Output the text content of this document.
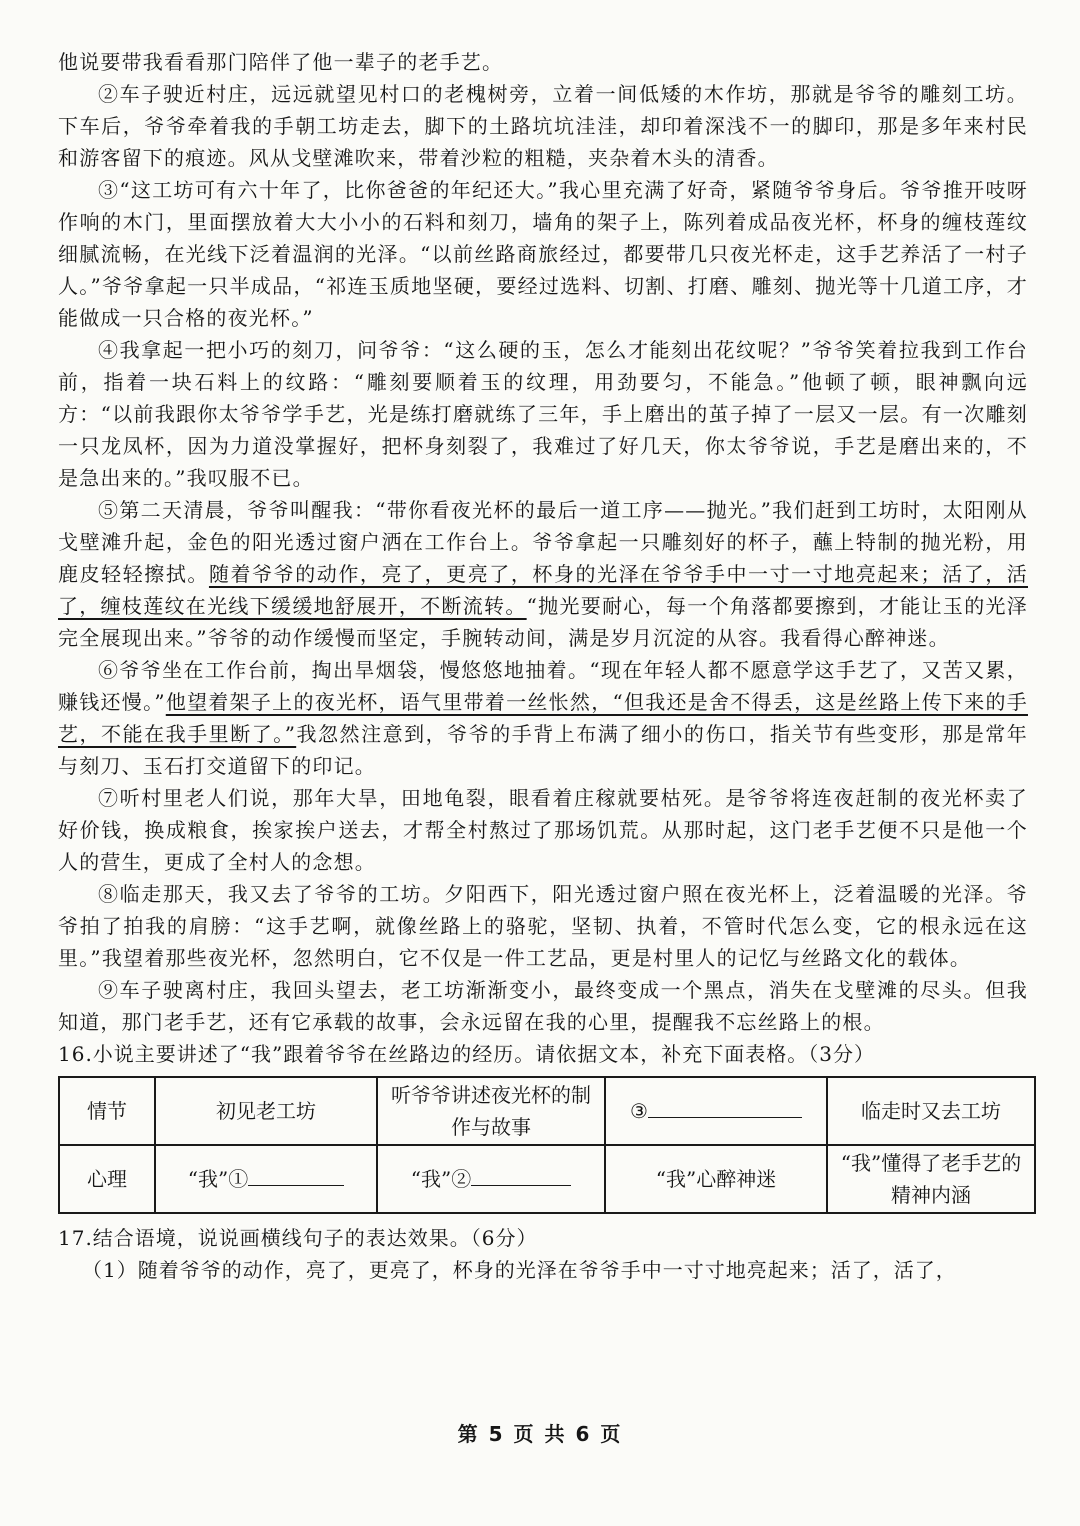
他说要带我看看那门陪伴了他一辈子的老手艺。

②车子驶近村庄，远远就望见村口的老槐树旁，立着一间低矮的木作坊，那就是爷爷的雕刻工坊。下车后，爷爷牵着我的手朝工坊走去，脚下的土路坑坑洼洼，却印着深浅不一的脚印，那是多年来村民和游客留下的痕迹。风从戈壁滩吹来，带着沙粒的粗糙，夹杂着木头的清香。

③“这工坊可有六十年了，比你爸爸的年纪还大。”我心里充满了好奇，紧随爷爷身后。爷爷推开吱呀作响的木门，里面摆放着大大小小的石料和刻刀，墙角的架子上，陈列着成品夜光杯，杯身的缠枝莲纹细腻流畅，在光线下泛着温润的光泽。“以前丝路商旅经过，都要带几只夜光杯走，这手艺养活了一村子人。”爷爷拿起一只半成品，“祁连玉质地坚硬，要经过选料、切割、打磨、雕刻、抛光等十几道工序，才能做成一只合格的夜光杯。”

④我拿起一把小巧的刻刀，问爷爷：“这么硬的玉，怎么才能刻出花纹呢？”爷爷笑着拉我到工作台前，指着一块石料上的纹路：“雕刻要顺着玉的纹理，用劲要匀，不能急。”他顿了顿，眼神飘向远方：“以前我跟你太爷爷学手艺，光是练打磨就练了三年，手上磨出的茧子掉了一层又一层。有一次雕刻一只龙凤杯，因为力道没掌握好，把杯身刻裂了，我难过了好几天，你太爷爷说，手艺是磨出来的，不是急出来的。”我叹服不已。

⑤第二天清晨，爷爷叫醒我：“带你看夜光杯的最后一道工序——抛光。”我们赶到工坊时，太阳刚从戈壁滩升起，金色的阳光透过窗户洒在工作台上。爷爷拿起一只雕刻好的杯子，蘸上特制的抛光粉，用鹿皮轻轻擦拭。随着爷爷的动作，亮了，更亮了，杯身的光泽在爷爷手中一寸一寸地亮起来；活了，活了，缠枝莲纹在光线下缓缓地舒展开，不断流转。“抛光要耐心，每一个角落都要擦到，才能让玉的光泽完全展现出来。”爷爷的动作缓慢而坚定，手腕转动间，满是岁月沉淀的从容。我看得心醉神迷。

⑥爷爷坐在工作台前，掏出旱烟袋，慢悠悠地抽着。“现在年轻人都不愿意学这手艺了，又苦又累，赚钱还慢。”他望着架子上的夜光杯，语气里带着一丝怅然，“但我还是舍不得丢，这是丝路上传下来的手艺，不能在我手里断了。”我忽然注意到，爷爷的手背上布满了细小的伤口，指关节有些变形，那是常年与刻刀、玉石打交道留下的印记。

⑦听村里老人们说，那年大旱，田地龟裂，眼看着庄稼就要枯死。是爷爷将连夜赶制的夜光杯卖了好价钱，换成粮食，挨家挨户送去，才帮全村熬过了那场饥荒。从那时起，这门老手艺便不只是他一个人的营生，更成了全村人的念想。

⑧临走那天，我又去了爷爷的工坊。夕阳西下，阳光透过窗户照在夜光杯上，泛着温暖的光泽。爷爷拍了拍我的肩膀：“这手艺啊，就像丝路上的骆驼，坚韧、执着，不管时代怎么变，它的根永远在这里。”我望着那些夜光杯，忽然明白，它不仅是一件工艺品，更是村里人的记忆与丝路文化的载体。

⑨车子驶离村庄，我回头望去，老工坊渐渐变小，最终变成一个黑点，消失在戈壁滩的尽头。但我知道，那门老手艺，还有它承载的故事，会永远留在我的心里，提醒我不忘丝路上的根。

16.小说主要讲述了“我”跟着爷爷在丝路边的经历。请依据文本，补充下面表格。（3分）

情节	初见老工坊	听爷爷讲述夜光杯的制作与故事	③	临走时又去工坊
心理	“我”①	“我”②	“我”心醉神迷	“我”懂得了老手艺的精神内涵

17.结合语境，说说画横线句子的表达效果。（6分）

（1）随着爷爷的动作，亮了，更亮了，杯身的光泽在爷爷手中一寸寸地亮起来；活了，活了，

第 5 页 共 6 页
